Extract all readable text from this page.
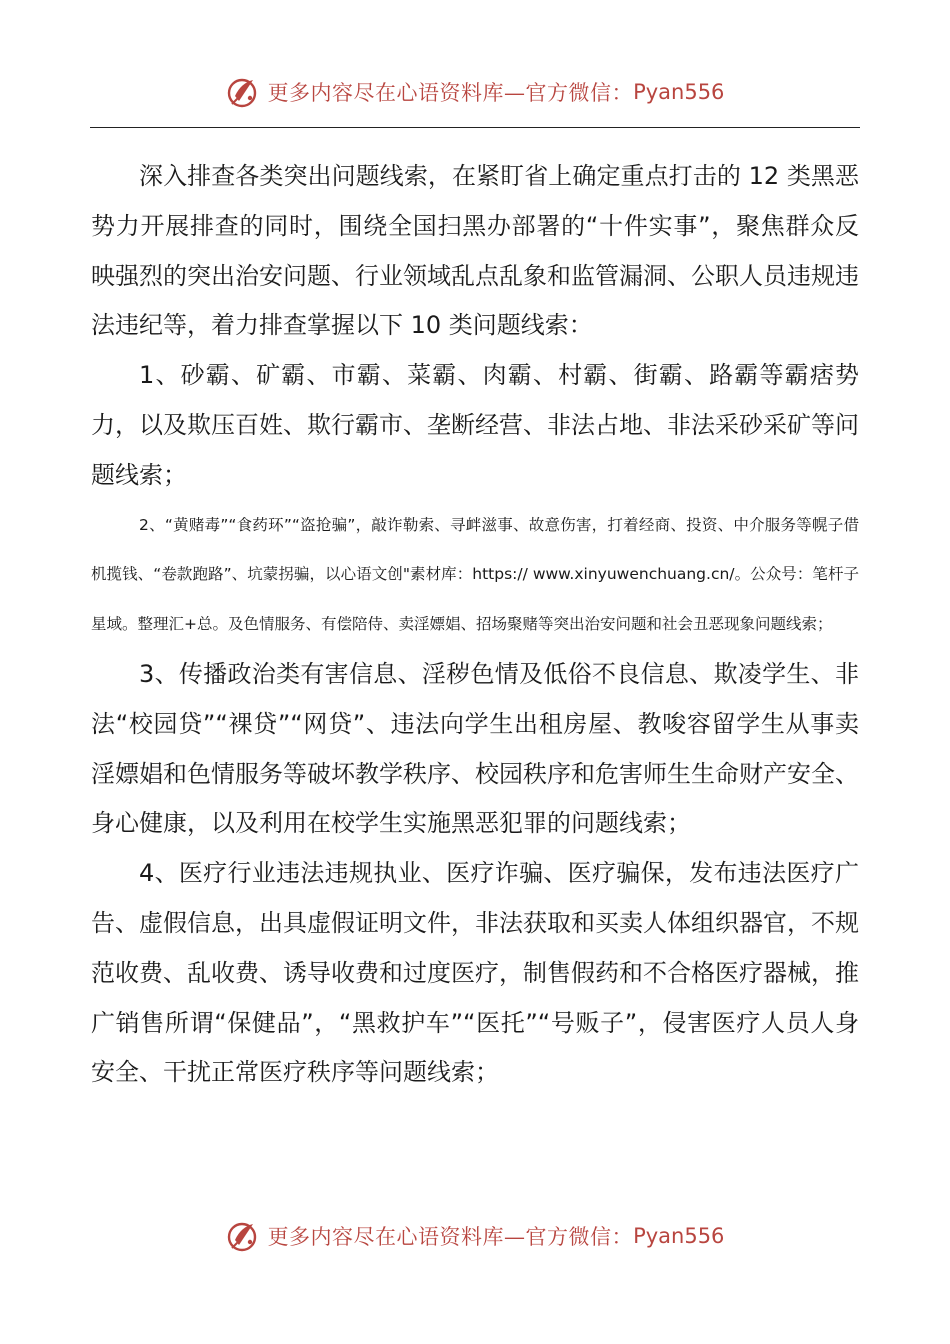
更多内容尽在心语资料库—官方微信： Pyan556

深入排查各类突出问题线索，在紧盯省上确定重点打击的 12 类黑恶势力开展排查的同时，围绕全国扫黑办部署的“十件实事”，聚焦群众反映强烈的突出治安问题、行业领域乱点乱象和监管漏洞、公职人员违规违法违纪等，着力排查掌握以下 10 类问题线索：

1、砂霸、矿霸、市霸、菜霸、肉霸、村霸、街霸、路霸等霸痞势力，以及欺压百姓、欺行霸市、垄断经营、非法占地、非法采砂采矿等问题线索；

2、“黄赌毒”“食药环”“盗抢骗”，敲诈勒索、寻衅滋事、故意伤害，打着经商、投资、中介服务等幌子借机揽钱、“卷款跑路”、坑蒙拐骗，以心语文创"素材库：https:// www.xinyuwenchuang.cn/。公众号：笔杆子星域。整理汇+总。及色情服务、有偿陪侍、卖淫嫖娼、招场聚赌等突出治安问题和社会丑恶现象问题线索；

3、传播政治类有害信息、淫秽色情及低俗不良信息、欺凌学生、非法“校园贷”“裸贷”“网贷”、违法向学生出租房屋、教唆容留学生从事卖淫嫖娼和色情服务等破坏教学秩序、校园秩序和危害师生生命财产安全、身心健康，以及利用在校学生实施黑恶犯罪的问题线索；

4、医疗行业违法违规执业、医疗诈骗、医疗骗保，发布违法医疗广告、虚假信息，出具虚假证明文件，非法获取和买卖人体组织器官，不规范收费、乱收费、诱导收费和过度医疗，制售假药和不合格医疗器械，推广销售所谓“保健品”，“黑救护车”“医托”“号贩子”，侵害医疗人员人身安全、干扰正常医疗秩序等问题线索；

更多内容尽在心语资料库—官方微信： Pyan556
